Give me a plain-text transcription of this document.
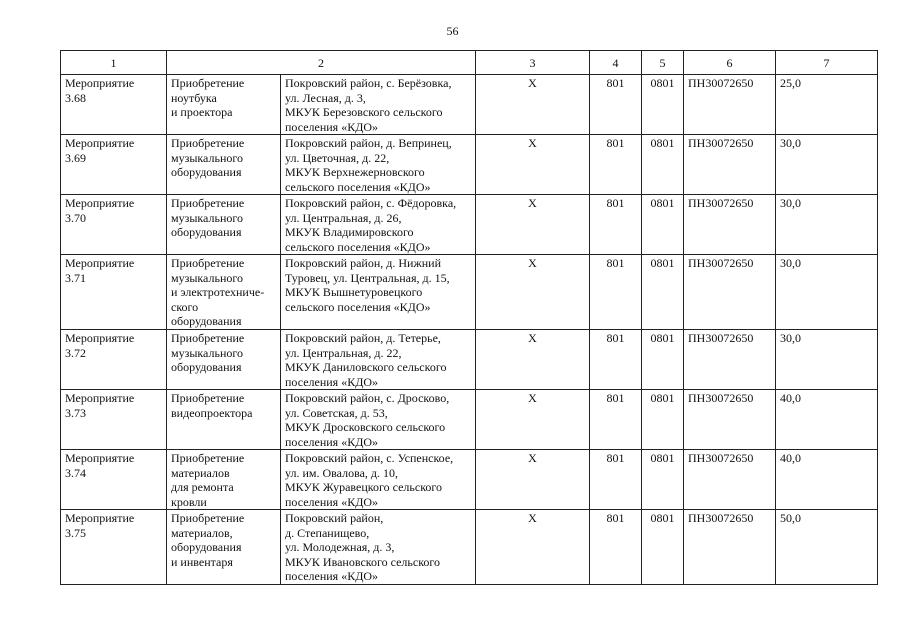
56
1	2		3	4	5	6	7
Мероприятие
3.68	Приобретение
ноутбука
и проектора	Покровский район, с. Берёзовка,
ул. Лесная, д. 3,
МКУК Березовского сельского
поселения «КДО»	Х	801	0801	ПН30072650	25,0
Мероприятие
3.69	Приобретение
музыкального
оборудования	Покровский район, д. Вепринец,
ул. Цветочная, д. 22,
МКУК Верхнежерновского
сельского поселения «КДО»	Х	801	0801	ПН30072650	30,0
Мероприятие
3.70	Приобретение
музыкального
оборудования	Покровский район, с. Фёдоровка,
ул. Центральная, д. 26,
МКУК Владимировского
сельского поселения «КДО»	Х	801	0801	ПН30072650	30,0
Мероприятие
3.71	Приобретение
музыкального
и электротехниче-
ского
оборудования	Покровский район, д. Нижний
Туровец, ул. Центральная, д. 15,
МКУК Вышнетуровецкого
сельского поселения «КДО»	Х	801	0801	ПН30072650	30,0
Мероприятие
3.72	Приобретение
музыкального
оборудования	Покровский район, д. Тетерье,
ул. Центральная, д. 22,
МКУК Даниловского сельского
поселения «КДО»	Х	801	0801	ПН30072650	30,0
Мероприятие
3.73	Приобретение
видеопроектора	Покровский район, с. Дросково,
ул. Советская, д. 53,
МКУК Дросковского сельского
поселения «КДО»	Х	801	0801	ПН30072650	40,0
Мероприятие
3.74	Приобретение
материалов
для ремонта
кровли	Покровский район, с. Успенское,
ул. им. Овалова, д. 10,
МКУК Журавецкого сельского
поселения «КДО»	Х	801	0801	ПН30072650	40,0
Мероприятие
3.75	Приобретение
материалов,
оборудования
и инвентаря	Покровский район,
д. Степанищево,
ул. Молодежная, д. 3,
МКУК Ивановского сельского
поселения «КДО»	Х	801	0801	ПН30072650	50,0
